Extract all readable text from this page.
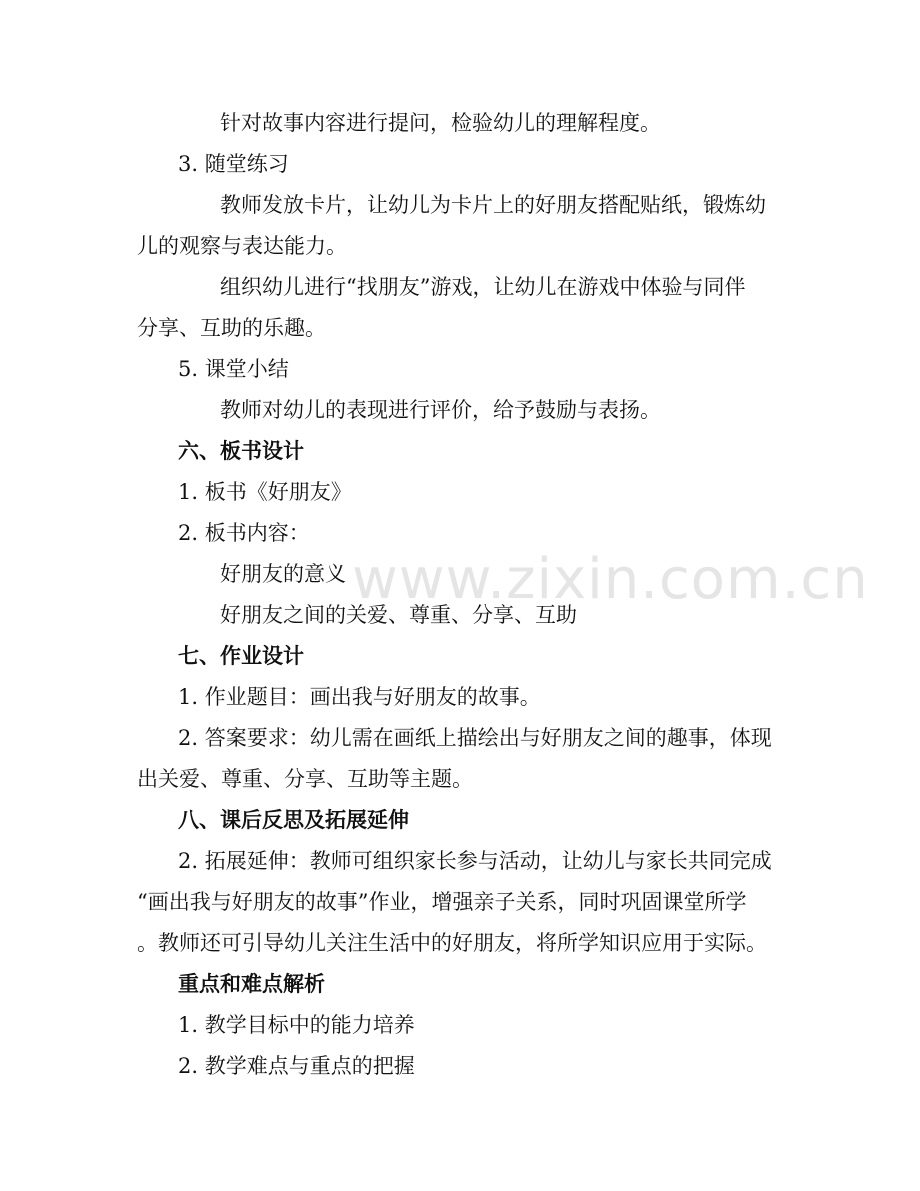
针对故事内容进行提问，检验幼儿的理解程度。
3. 随堂练习
教师发放卡片，让幼儿为卡片上的好朋友搭配贴纸，锻炼幼
儿的观察与表达能力。
组织幼儿进行“找朋友”游戏，让幼儿在游戏中体验与同伴
分享、互助的乐趣。
5. 课堂小结
教师对幼儿的表现进行评价，给予鼓励与表扬。
六、板书设计
1. 板书《好朋友》
2. 板书内容：
好朋友的意义
好朋友之间的关爱、尊重、分享、互助
七、作业设计
1. 作业题目：画出我与好朋友的故事。
2. 答案要求：幼儿需在画纸上描绘出与好朋友之间的趣事，体现
出关爱、尊重、分享、互助等主题。
八、课后反思及拓展延伸
2. 拓展延伸：教师可组织家长参与活动，让幼儿与家长共同完成
“画出我与好朋友的故事”作业，增强亲子关系，同时巩固课堂所学
。教师还可引导幼儿关注生活中的好朋友，将所学知识应用于实际。
重点和难点解析
1. 教学目标中的能力培养
2. 教学难点与重点的把握
www.zixin.com.cn
